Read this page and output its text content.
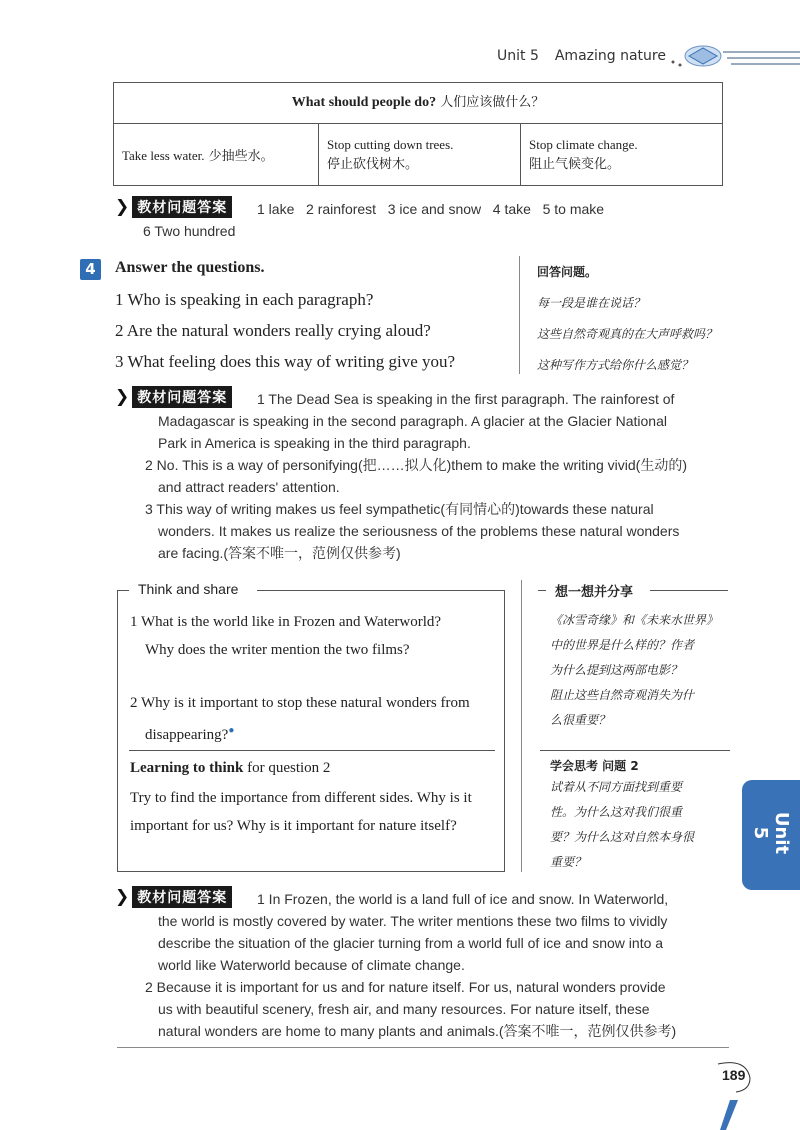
Unit 5 Amazing nature
What should people do? 人们应该做什么？
Take less water. 少抽些水。
Stop cutting down trees.
停止砍伐树木。
Stop climate change.
阻止气候变化。
❯ 教材问题答案	1 lake   2 rainforest   3 ice and snow   4 take   5 to make
6 Two hundred
4	Answer the questions.
1 Who is speaking in each paragraph?
2 Are the natural wonders really crying aloud?
3 What feeling does this way of writing give you?
回答问题。
每一段是谁在说话？
这些自然奇观真的在大声呼救吗？
这种写作方式给你什么感觉？
❯ 教材问题答案	1 The Dead Sea is speaking in the first paragraph. The rainforest of
Madagascar is speaking in the second paragraph. A glacier at the Glacier National
Park in America is speaking in the third paragraph.
2 No. This is a way of personifying(把……拟人化)them to make the writing vivid(生动的)
and attract readers' attention.
3 This way of writing makes us feel sympathetic(有同情心的)towards these natural
wonders. It makes us realize the seriousness of the problems these natural wonders
are facing.(答案不唯一，范例仅供参考)
Think and share
1 What is the world like in Frozen and Waterworld?
Why does the writer mention the two films?
2 Why is it important to stop these natural wonders from
disappearing?●
Learning to think for question 2
Try to find the importance from different sides. Why is it
important for us? Why is it important for nature itself?
想一想并分享
《冰雪奇缘》和《未来水世界》
中的世界是什么样的？作者
为什么提到这两部电影？
阻止这些自然奇观消失为什
么很重要？
学会思考 问题 2
试着从不同方面找到重要
性。为什么这对我们很重
要？为什么这对自然本身很
重要？
Unit 5
❯ 教材问题答案	1 In Frozen, the world is a land full of ice and snow. In Waterworld,
the world is mostly covered by water. The writer mentions these two films to vividly
describe the situation of the glacier turning from a world full of ice and snow into a
world like Waterworld because of climate change.
2 Because it is important for us and for nature itself. For us, natural wonders provide
us with beautiful scenery, fresh air, and many resources. For nature itself, these
natural wonders are home to many plants and animals.(答案不唯一，范例仅供参考)
189
